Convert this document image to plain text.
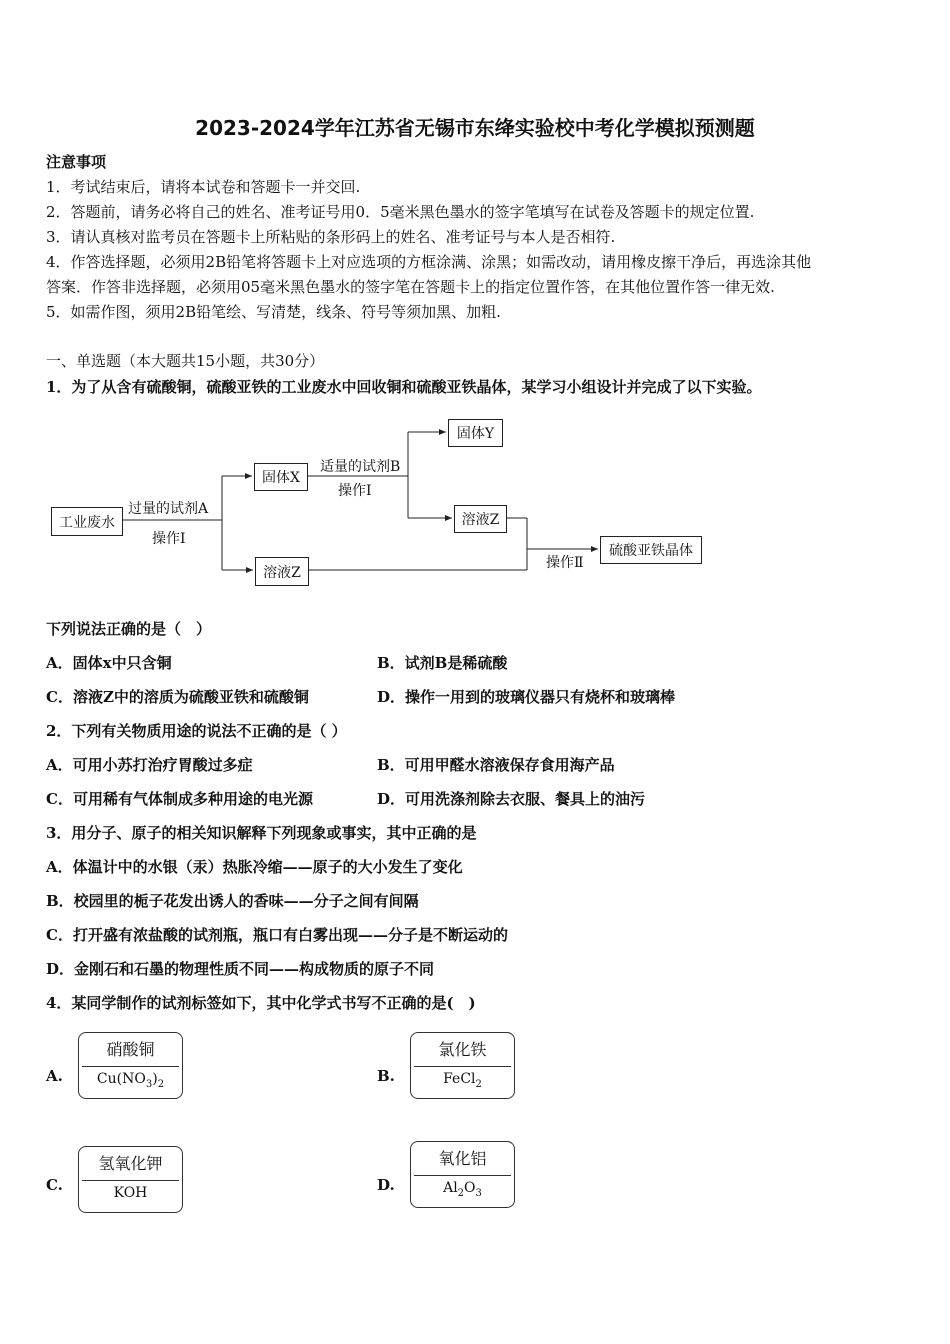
2023-2024学年江苏省无锡市东绛实验校中考化学模拟预测题
注意事项
1．考试结束后，请将本试卷和答题卡一并交回.
2．答题前，请务必将自己的姓名、准考证号用0．5毫米黑色墨水的签字笔填写在试卷及答题卡的规定位置.
3．请认真核对监考员在答题卡上所粘贴的条形码上的姓名、准考证号与本人是否相符.
4．作答选择题，必须用2B铅笔将答题卡上对应选项的方框涂满、涂黑；如需改动，请用橡皮擦干净后，再选涂其他
答案．作答非选择题，必须用05毫米黑色墨水的签字笔在答题卡上的指定位置作答，在其他位置作答一律无效.
5．如需作图，须用2B铅笔绘、写清楚，线条、符号等须加黑、加粗.
一、单选题（本大题共15小题，共30分）
1．为了从含有硫酸铜，硫酸亚铁的工业废水中回收铜和硫酸亚铁晶体，某学习小组设计并完成了以下实验。
工业废水
过量的试剂A
操作Ⅰ
固体X
适量的试剂B
操作Ⅰ
固体Y
溶液Z
溶液Z
操作Ⅱ
硫酸亚铁晶体
下列说法正确的是（　）
A．固体x中只含铜	B．试剂B是稀硫酸
C．溶液Z中的溶质为硫酸亚铁和硫酸铜	D．操作一用到的玻璃仪器只有烧杯和玻璃棒
2．下列有关物质用途的说法不正确的是（ ）
A．可用小苏打治疗胃酸过多症	B．可用甲醛水溶液保存食用海产品
C．可用稀有气体制成多种用途的电光源	D．可用洗涤剂除去衣服、餐具上的油污
3．用分子、原子的相关知识解释下列现象或事实，其中正确的是
A．体温计中的水银（汞）热胀冷缩——原子的大小发生了变化
B．校园里的栀子花发出诱人的香味——分子之间有间隔
C．打开盛有浓盐酸的试剂瓶，瓶口有白雾出现——分子是不断运动的
D．金刚石和石墨的物理性质不同——构成物质的原子不同
4．某同学制作的试剂标签如下，其中化学式书写不正确的是(　)
A.
硝酸铜
$Cu(NO_3)_2$	B.
氯化铁
FeCl$_2$
C.
氢氧化钾
KOH	D.
氧化铝
$Al_2O_3$
